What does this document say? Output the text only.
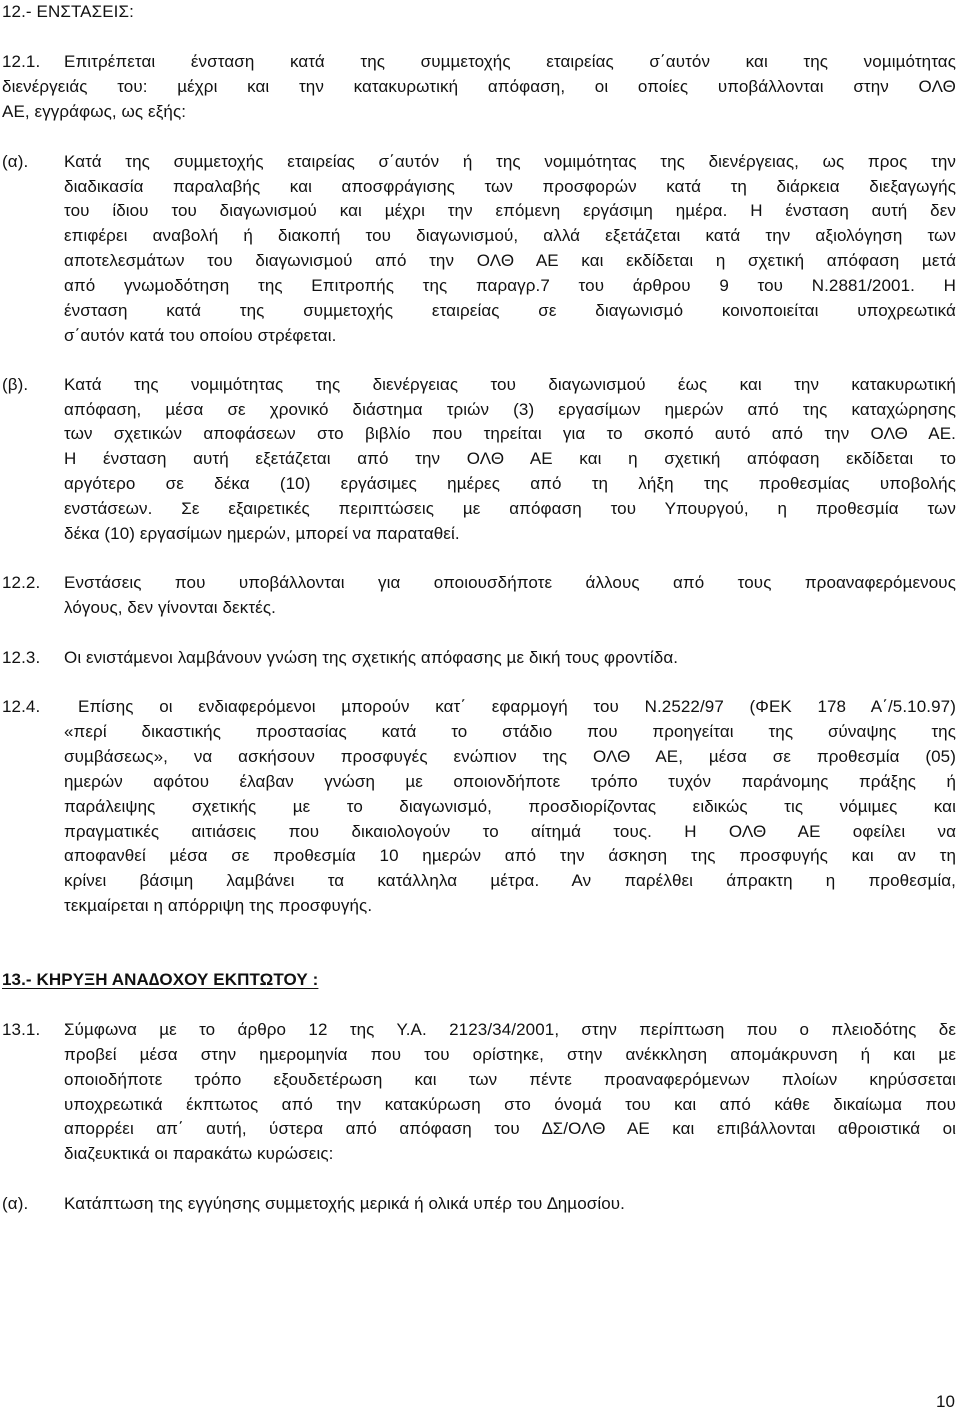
12.- ΕΝΣΤΑΣΕΙΣ:
12.1. Επιτρέπεται ένσταση κατά της συµµετοχής εταιρείας σ΄αυτόν και της νοµιµότητας
διενέργειάς του: µέχρι και την κατακυρωτική απόφαση, οι οποίες υποβάλλονται στην ΟΛΘ
ΑΕ, εγγράφως, ως εξής:
(α). Κατά της συµµετοχής εταιρείας σ΄αυτόν ή της νοµιµότητας της διενέργειας, ως προς την
διαδικασία παραλαβής και αποσφράγισης των προσφορών κατά τη διάρκεια διεξαγωγής
του ίδιου του διαγωνισµού και µέχρι την επόµενη εργάσιµη ηµέρα. Η ένσταση αυτή δεν
επιφέρει αναβολή ή διακοπή του διαγωνισµού, αλλά εξετάζεται κατά την αξιολόγηση των
αποτελεσµάτων του διαγωνισµού από την ΟΛΘ ΑΕ και εκδίδεται η σχετική απόφαση µετά
από γνωµοδότηση της Επιτροπής της παραγρ.7 του άρθρου 9 του Ν.2881/2001. Η
ένσταση κατά της συµµετοχής εταιρείας σε διαγωνισµό κοινοποιείται υποχρεωτικά
σ΄αυτόν κατά του οποίου στρέφεται.
(β). Κατά της νοµιµότητας της διενέργειας του διαγωνισµού έως και την κατακυρωτική
απόφαση, µέσα σε χρονικό διάστηµα τριών (3) εργασίµων ηµερών από της καταχώρησης
των σχετικών αποφάσεων στο βιβλίο που τηρείται για το σκοπό αυτό από την ΟΛΘ ΑΕ.
Η ένσταση αυτή εξετάζεται από την ΟΛΘ ΑΕ και η σχετική απόφαση εκδίδεται το
αργότερο σε δέκα (10) εργάσιµες ηµέρες από τη λήξη της προθεσµίας υποβολής
ενστάσεων. Σε εξαιρετικές περιπτώσεις µε απόφαση του Υπουργού, η προθεσµία των
δέκα (10) εργασίµων ηµερών, µπορεί να παραταθεί.
12.2. Ενστάσεις που υποβάλλονται για οποιουσδήποτε άλλους από τους προαναφερόµενους
λόγους, δεν γίνονται δεκτές.
12.3. Οι ενιστάµενοι λαµβάνουν γνώση της σχετικής απόφασης µε δική τους φροντίδα.
12.4. Επίσης οι ενδιαφερόµενοι µπορούν κατ΄ εφαρµογή του Ν.2522/97 (ΦΕΚ 178 Α΄/5.10.97)
«περί δικαστικής προστασίας κατά το στάδιο που προηγείται της σύναψης της
συµβάσεως», να ασκήσουν προσφυγές ενώπιον της ΟΛΘ ΑΕ, µέσα σε προθεσµία (05)
ηµερών αφότου έλαβαν γνώση µε οποιονδήποτε τρόπο τυχόν παράνοµης πράξης ή
παράλειψης σχετικής µε το διαγωνισµό, προσδιορίζοντας ειδικώς τις νόµιµες και
πραγµατικές αιτιάσεις που δικαιολογούν το αίτηµά τους. Η ΟΛΘ ΑΕ οφείλει να
αποφανθεί µέσα σε προθεσµία 10 ηµερών από την άσκηση της προσφυγής και αν τη
κρίνει βάσιµη λαµβάνει τα κατάλληλα µέτρα. Αν παρέλθει άπρακτη η προθεσµία,
τεκµαίρεται η απόρριψη της προσφυγής.
13.- ΚΗΡΥΞΗ ΑΝΑ∆ΟΧΟΥ ΕΚΠΤΩΤΟΥ :
13.1. Σύµφωνα µε το άρθρο 12 της Υ.Α. 2123/34/2001, στην περίπτωση που ο πλειοδότης δε
προβεί µέσα στην ηµεροµηνία που του ορίστηκε, στην ανέκκληση απομάκρυνση ή και µε
οποιοδήποτε τρόπο εξουδετέρωση και των πέντε προαναφερόµενων πλοίων κηρύσσεται
υποχρεωτικά έκπτωτος από την κατακύρωση στο όνοµά του και από κάθε δικαίωµα που
απορρέει απ΄ αυτή, ύστερα από απόφαση του ∆Σ/ΟΛΘ ΑΕ και επιβάλλονται αθροιστικά οι
διαζευκτικά οι παρακάτω κυρώσεις:
(α). Κατάπτωση της εγγύησης συµµετοχής µερικά ή ολικά υπέρ του ∆ηµοσίου.
10
